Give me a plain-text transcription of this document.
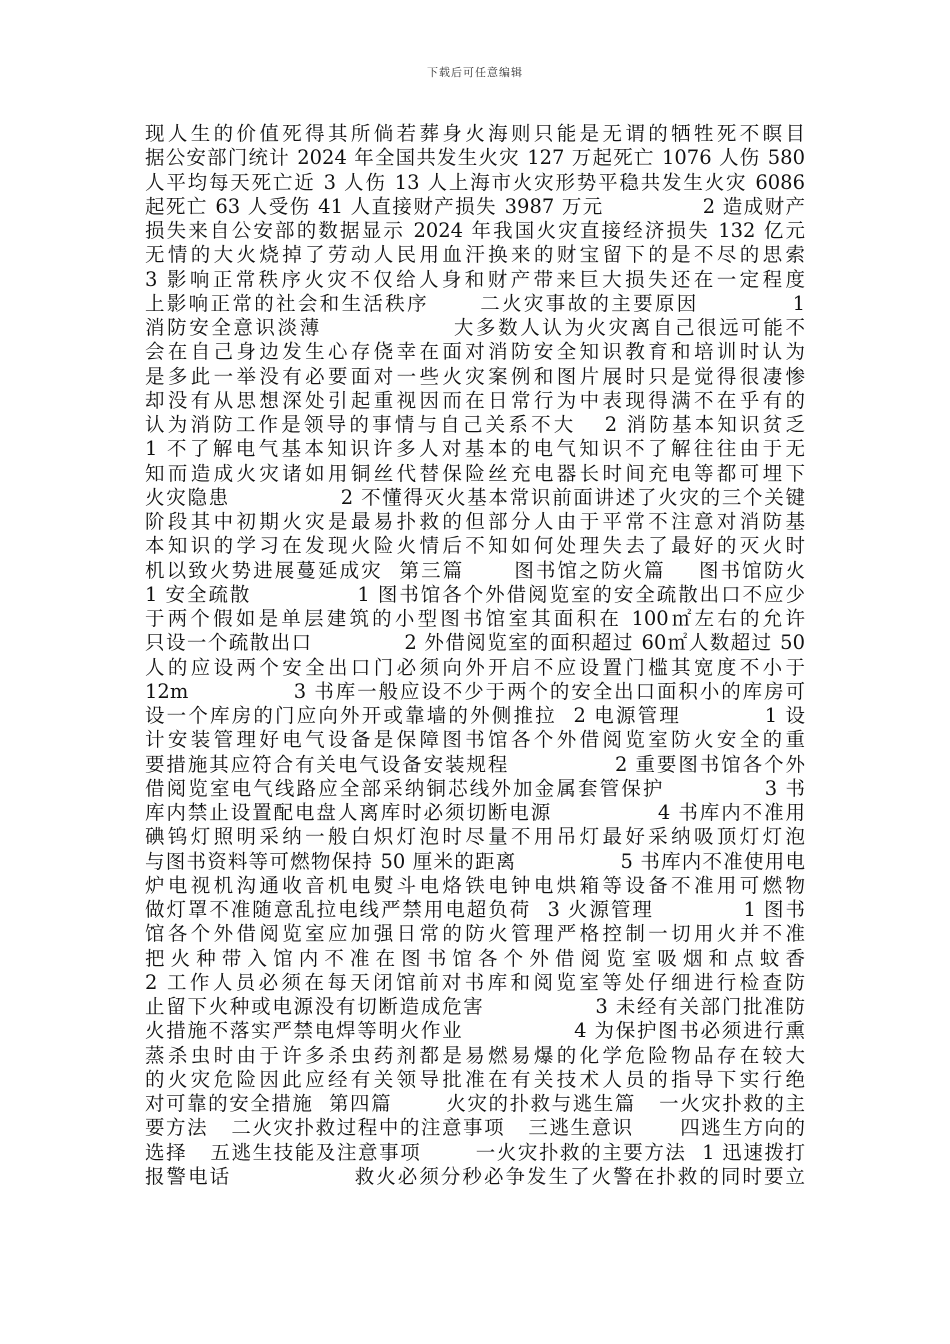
下载后可任意编辑
现人生的价值死得其所倘若葬身火海则只能是无谓的牺牲死不瞑目
据公安部门统计 2024 年全国共发生火灾 127 万起死亡 1076 人伤 580
人平均每天死亡近 3 人伤 13 人上海市火灾形势平稳共发生火灾 6086
起死亡 63 人受伤 41 人直接财产损失 3987 万元             2 造成财产
损失来自公安部的数据显示 2024 年我国火灾直接经济损失 132 亿元
无情的大火烧掉了劳动人民用血汗换来的财宝留下的是不尽的思索
3 影响正常秩序火灾不仅给人身和财产带来巨大损失还在一定程度
上影响正常的社会和生活秩序      二火灾事故的主要原因           1
消防安全意识淡薄               大多数人认为火灾离自己很远可能不
会在自己身边发生心存侥幸在面对消防安全知识教育和培训时认为
是多此一举没有必要面对一些火灾案例和图片展时只是觉得很凄惨
却没有从思想深处引起重视因而在日常行为中表现得满不在乎有的
认为消防工作是领导的事情与自己关系不大   2 消防基本知识贫乏
1 不了解电气基本知识许多人对基本的电气知识不了解往往由于无
知而造成火灾诸如用铜丝代替保险丝充电器长时间充电等都可埋下
火灾隐患              2 不懂得灭火基本常识前面讲述了火灾的三个关键
阶段其中初期火灾是最易扑救的但部分人由于平常不注意对消防基
本知识的学习在发现火险火情后不知如何处理失去了最好的灭火时
机以致火势进展蔓延成灾  第三篇      图书馆之防火篇    图书馆防火
1 安全疏散             1 图书馆各个外借阅览室的安全疏散出口不应少
于两个假如是单层建筑的小型图书馆室其面积在 100㎡左右的允许
只设一个疏散出口            2 外借阅览室的面积超过 60㎡人数超过 50
人的应设两个安全出口门必须向外开启不应设置门槛其宽度不小于
12m             3 书库一般应设不少于两个的安全出口面积小的库房可
设一个库房的门应向外开或靠墙的外侧推拉  2 电源管理          1 设
计安装管理好电气设备是保障图书馆各个外借阅览室防火安全的重
要措施其应符合有关电气设备安装规程             2 重要图书馆各个外
借阅览室电气线路应全部采纳铜芯线外加金属套管保护            3 书
库内禁止设置配电盘人离库时必须切断电源             4 书库内不准用
碘钨灯照明采纳一般白炽灯泡时尽量不用吊灯最好采纳吸顶灯灯泡
与图书资料等可燃物保持 50 厘米的距离              5 书库内不准使用电
炉电视机沟通收音机电熨斗电烙铁电钟电烘箱等设备不准用可燃物
做灯罩不准随意乱拉电线严禁用电超负荷  3 火源管理           1 图书
馆各个外借阅览室应加强日常的防火管理严格控制一切用火并不准
把火种带入馆内不准在图书馆各个外借阅览室吸烟和点蚊香
2 工作人员必须在每天闭馆前对书库和阅览室等处仔细进行检查防
止留下火种或电源没有切断造成危害              3 未经有关部门批准防
火措施不落实严禁电焊等明火作业              4 为保护图书必须进行熏
蒸杀虫时由于许多杀虫药剂都是易燃易爆的化学危险物品存在较大
的火灾危险因此应经有关领导批准在有关技术人员的指导下实行绝
对可靠的安全措施  第四篇       火灾的扑救与逃生篇   一火灾扑救的主
要方法   二火灾扑救过程中的注意事项   三逃生意识      四逃生方向的
选择   五逃生技能及注意事项       一火灾扑救的主要方法  1 迅速拨打
报警电话               救火必须分秒必争发生了火警在扑救的同时要立
